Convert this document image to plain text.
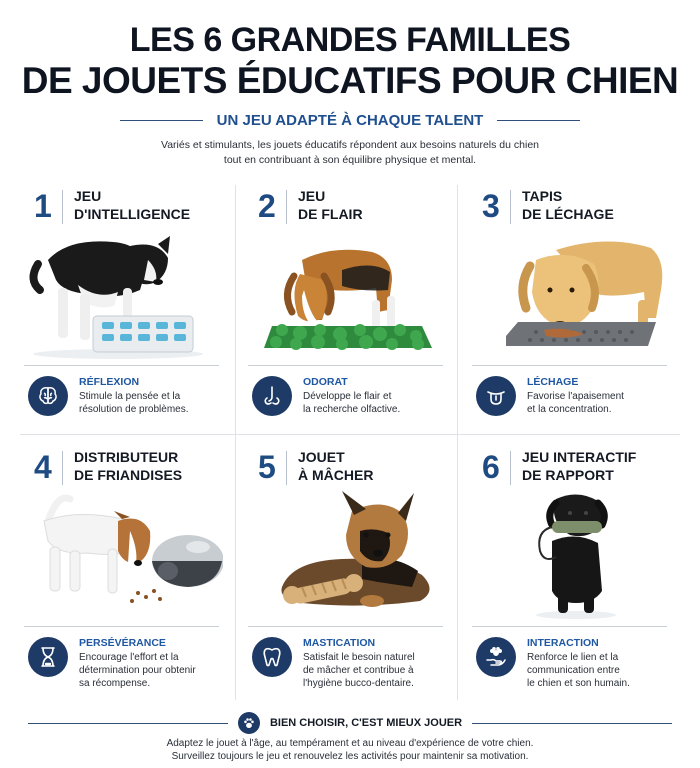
LES 6 GRANDES FAMILLES
DE JOUETS ÉDUCATIFS POUR CHIEN
UN JEU ADAPTÉ À CHAQUE TALENT
Variés et stimulants, les jouets éducatifs répondent aux besoins naturels du chien
tout en contribuant à son équilibre physique et mental.
1 JEU
D'INTELLIGENCE
RÉFLEXION
Stimule la pensée et la
résolution de problèmes.
2 JEU
DE FLAIR
ODORAT
Développe le flair et
la recherche olfactive.
3 TAPIS
DE LÉCHAGE
LÉCHAGE
Favorise l'apaisement
et la concentration.
4 DISTRIBUTEUR
DE FRIANDISES
PERSÉVÉRANCE
Encourage l'effort et la
détermination pour obtenir
sa récompense.
5 JOUET
À MÂCHER
MASTICATION
Satisfait le besoin naturel
de mâcher et contribue à
l'hygiène bucco-dentaire.
6 JEU INTERACTIF
DE RAPPORT
INTERACTION
Renforce le lien et la
communication entre
le chien et son humain.
BIEN CHOISIR, C'EST MIEUX JOUER
Adaptez le jouet à l'âge, au tempérament et au niveau d'expérience de votre chien.
Surveillez toujours le jeu et renouvelez les activités pour maintenir sa motivation.
